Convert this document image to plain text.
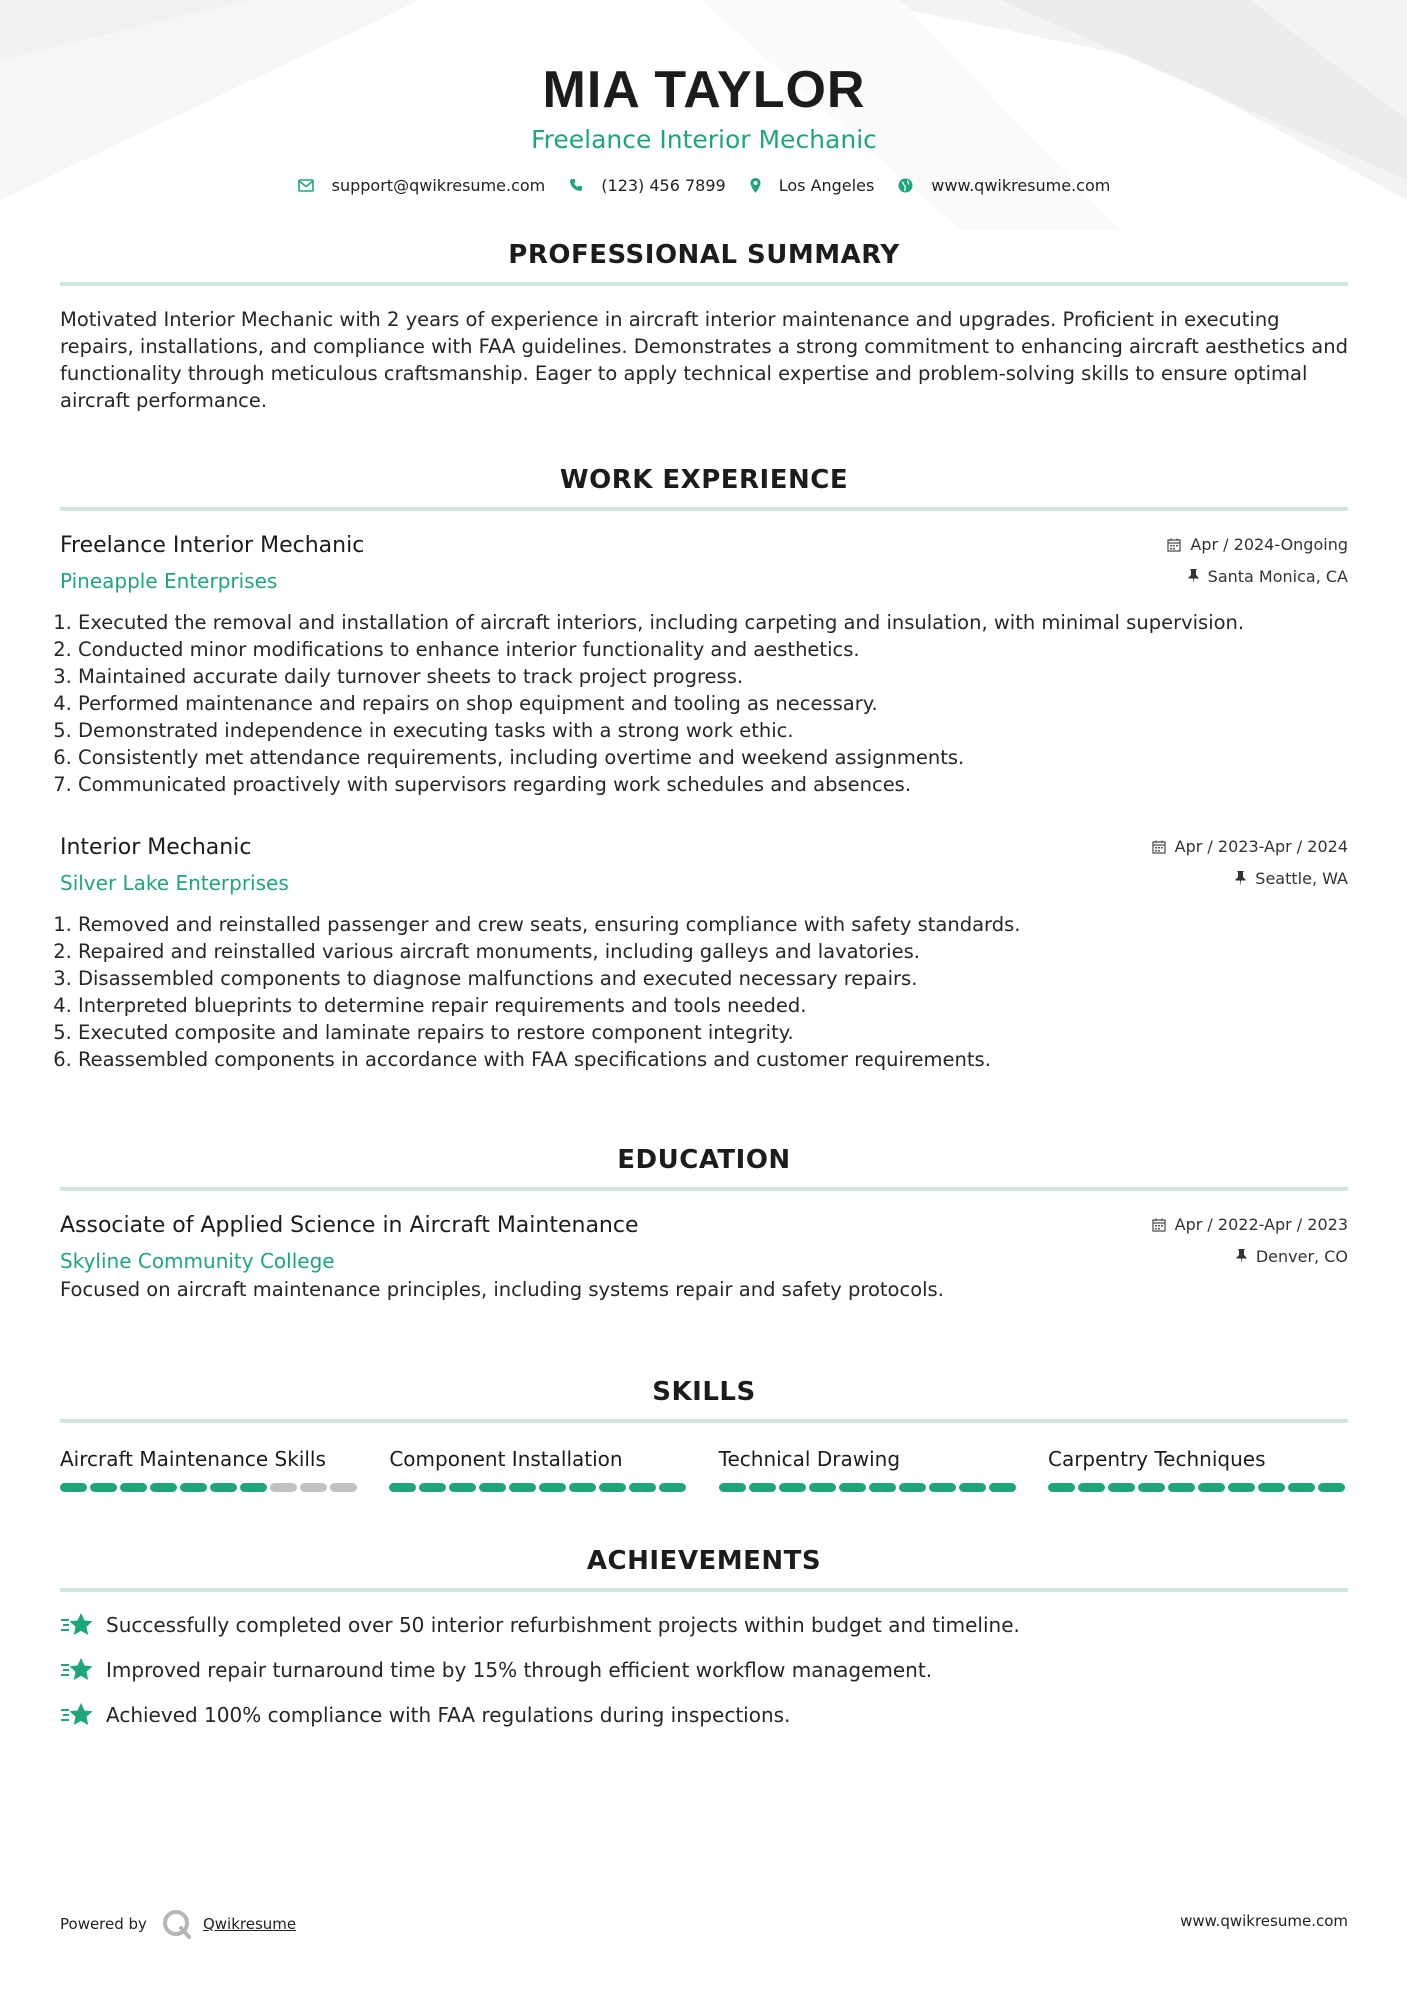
MIA TAYLOR
Freelance Interior Mechanic
support@qwikresume.com	(123) 456 7899	Los Angeles	www.qwikresume.com
PROFESSIONAL SUMMARY
Motivated Interior Mechanic with 2 years of experience in aircraft interior maintenance and upgrades. Proficient in executing repairs, installations, and compliance with FAA guidelines. Demonstrates a strong commitment to enhancing aircraft aesthetics and functionality through meticulous craftsmanship. Eager to apply technical expertise and problem-solving skills to ensure optimal aircraft performance.
WORK EXPERIENCE
Freelance Interior Mechanic
Pineapple Enterprises
Apr / 2024-Ongoing
Santa Monica, CA
1. Executed the removal and installation of aircraft interiors, including carpeting and insulation, with minimal supervision.
2. Conducted minor modifications to enhance interior functionality and aesthetics.
3. Maintained accurate daily turnover sheets to track project progress.
4. Performed maintenance and repairs on shop equipment and tooling as necessary.
5. Demonstrated independence in executing tasks with a strong work ethic.
6. Consistently met attendance requirements, including overtime and weekend assignments.
7. Communicated proactively with supervisors regarding work schedules and absences.
Interior Mechanic
Silver Lake Enterprises
Apr / 2023-Apr / 2024
Seattle, WA
1. Removed and reinstalled passenger and crew seats, ensuring compliance with safety standards.
2. Repaired and reinstalled various aircraft monuments, including galleys and lavatories.
3. Disassembled components to diagnose malfunctions and executed necessary repairs.
4. Interpreted blueprints to determine repair requirements and tools needed.
5. Executed composite and laminate repairs to restore component integrity.
6. Reassembled components in accordance with FAA specifications and customer requirements.
EDUCATION
Associate of Applied Science in Aircraft Maintenance
Skyline Community College
Apr / 2022-Apr / 2023
Denver, CO
Focused on aircraft maintenance principles, including systems repair and safety protocols.
SKILLS
Aircraft Maintenance Skills	Component Installation	Technical Drawing	Carpentry Techniques
ACHIEVEMENTS
Successfully completed over 50 interior refurbishment projects within budget and timeline.
Improved repair turnaround time by 15% through efficient workflow management.
Achieved 100% compliance with FAA regulations during inspections.
Powered by	Qwikresume	www.qwikresume.com
